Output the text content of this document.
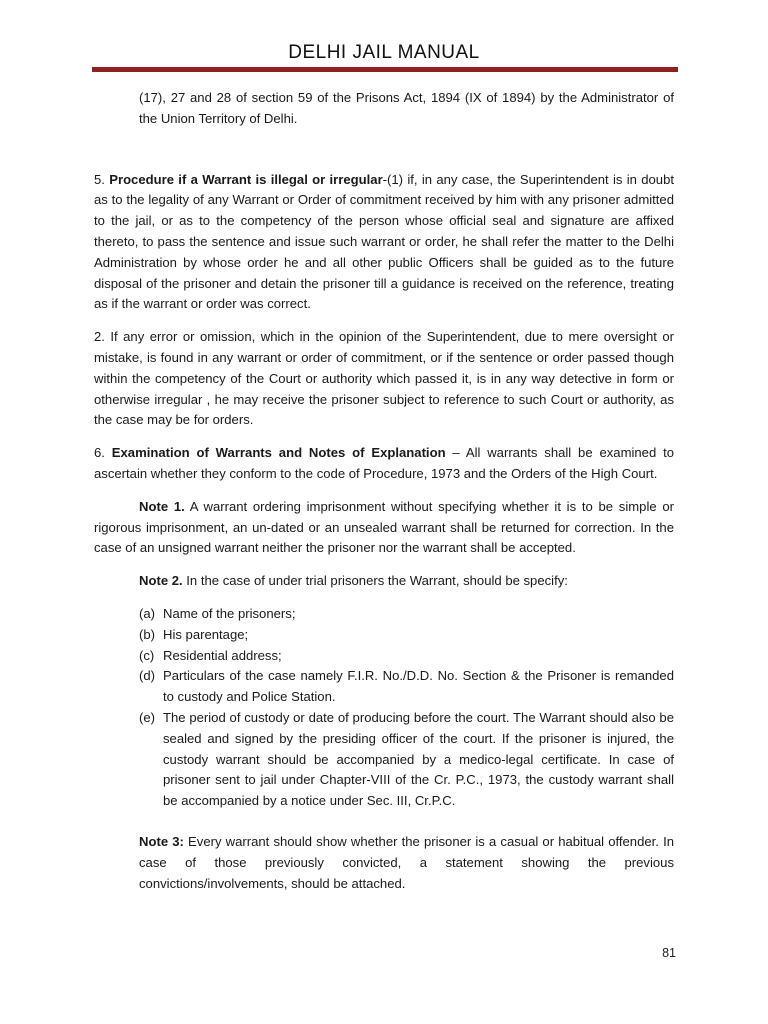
DELHI JAIL MANUAL

(17), 27 and 28 of section 59 of the Prisons Act, 1894 (IX of 1894) by the Administrator of the Union Territory of Delhi.

5. Procedure if a Warrant is illegal or irregular-(1) if, in any case, the Superintendent is in doubt as to the legality of any Warrant or Order of commitment received by him with any prisoner admitted to the jail, or as to the competency of the person whose official seal and signature are affixed thereto, to pass the sentence and issue such warrant or order, he shall refer the matter to the Delhi Administration by whose order he and all other public Officers shall be guided as to the future disposal of the prisoner and detain the prisoner till a guidance is received on the reference, treating as if the warrant or order was correct.

2. If any error or omission, which in the opinion of the Superintendent, due to mere oversight or mistake, is found in any warrant or order of commitment, or if the sentence or order passed though within the competency of the Court or authority which passed it, is in any way detective in form or otherwise irregular , he may receive the prisoner subject to reference to such Court or authority, as the case may be for orders.

6. Examination of Warrants and Notes of Explanation – All warrants shall be examined to ascertain whether they conform to the code of Procedure, 1973 and the Orders of the High Court.

Note 1. A warrant ordering imprisonment without specifying whether it is to be simple or rigorous imprisonment, an un-dated or an unsealed warrant shall be returned for correction. In the case of an unsigned warrant neither the prisoner nor the warrant shall be accepted.

Note 2. In the case of under trial prisoners the Warrant, should be specify:

(a) Name of the prisoners;
(b) His parentage;
(c) Residential address;
(d) Particulars of the case namely F.I.R. No./D.D. No. Section & the Prisoner is remanded to custody and Police Station.
(e) The period of custody or date of producing before the court. The Warrant should also be sealed and signed by the presiding officer of the court. If the prisoner is injured, the custody warrant should be accompanied by a medico-legal certificate. In case of prisoner sent to jail under Chapter-VIII of the Cr. P.C., 1973, the custody warrant shall be accompanied by a notice under Sec. III, Cr.P.C.

Note 3: Every warrant should show whether the prisoner is a casual or habitual offender. In case of those previously convicted, a statement showing the previous convictions/involvements, should be attached.

81
